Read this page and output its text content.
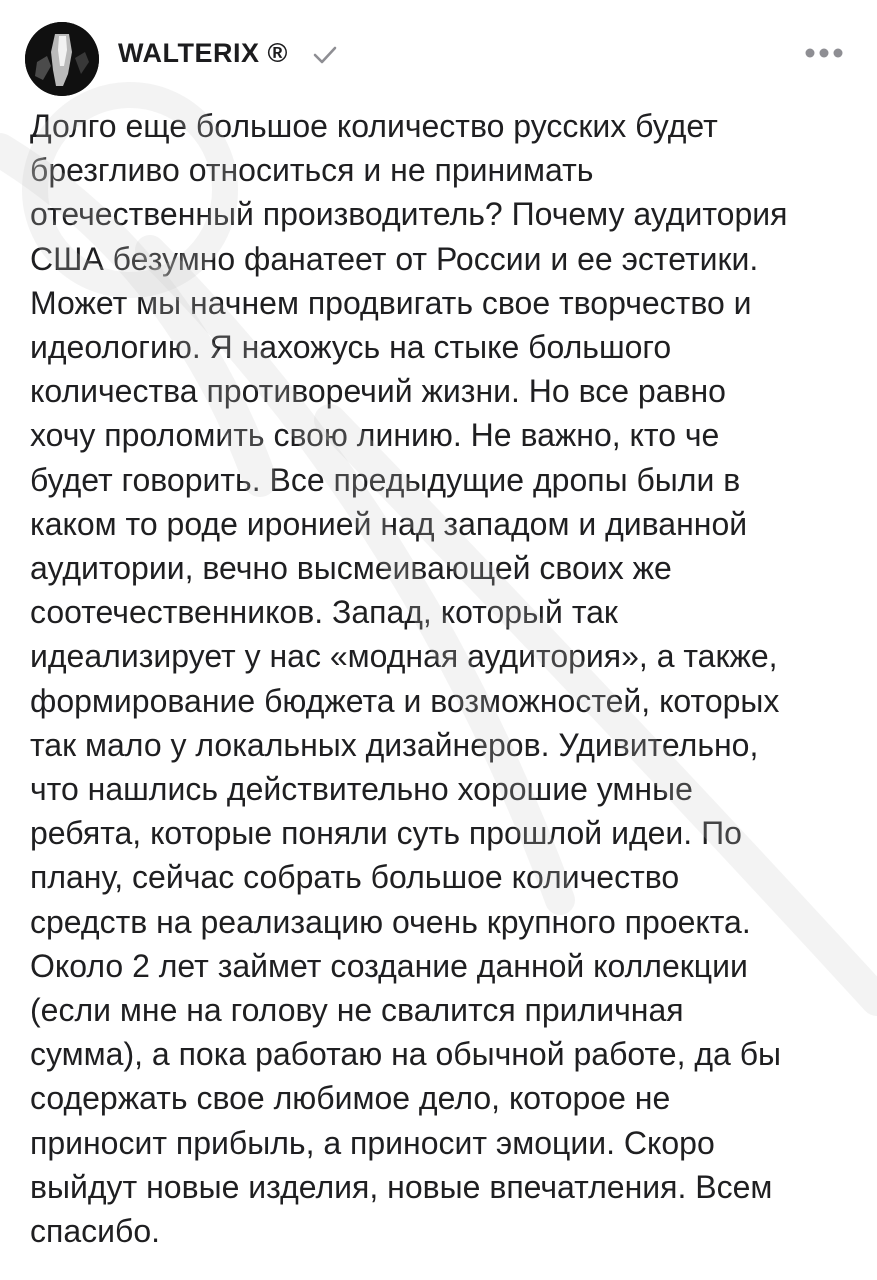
WALTERIX ®
Долго еще большое количество русских будет
брезгливо относиться и не принимать
отечественный производитель? Почему аудитория
США безумно фанатеет от России и ее эстетики.
Может мы начнем продвигать свое творчество и
идеологию. Я нахожусь на стыке большого
количества противоречий жизни. Но все равно
хочу проломить свою линию. Не важно, кто че
будет говорить. Все предыдущие дропы были в
каком то роде иронией над западом и диванной
аудитории, вечно высмеивающей своих же
соотечественников. Запад, который так
идеализирует у нас «модная аудитория», а также,
формирование бюджета и возможностей, которых
так мало у локальных дизайнеров. Удивительно,
что нашлись действительно хорошие умные
ребята, которые поняли суть прошлой идеи. По
плану, сейчас собрать большое количество
средств на реализацию очень крупного проекта.
Около 2 лет займет создание данной коллекции
(если мне на голову не свалится приличная
сумма), а пока работаю на обычной работе, да бы
содержать свое любимое дело, которое не
приносит прибыль, а приносит эмоции. Скоро
выйдут новые изделия, новые впечатления. Всем
спасибо.
